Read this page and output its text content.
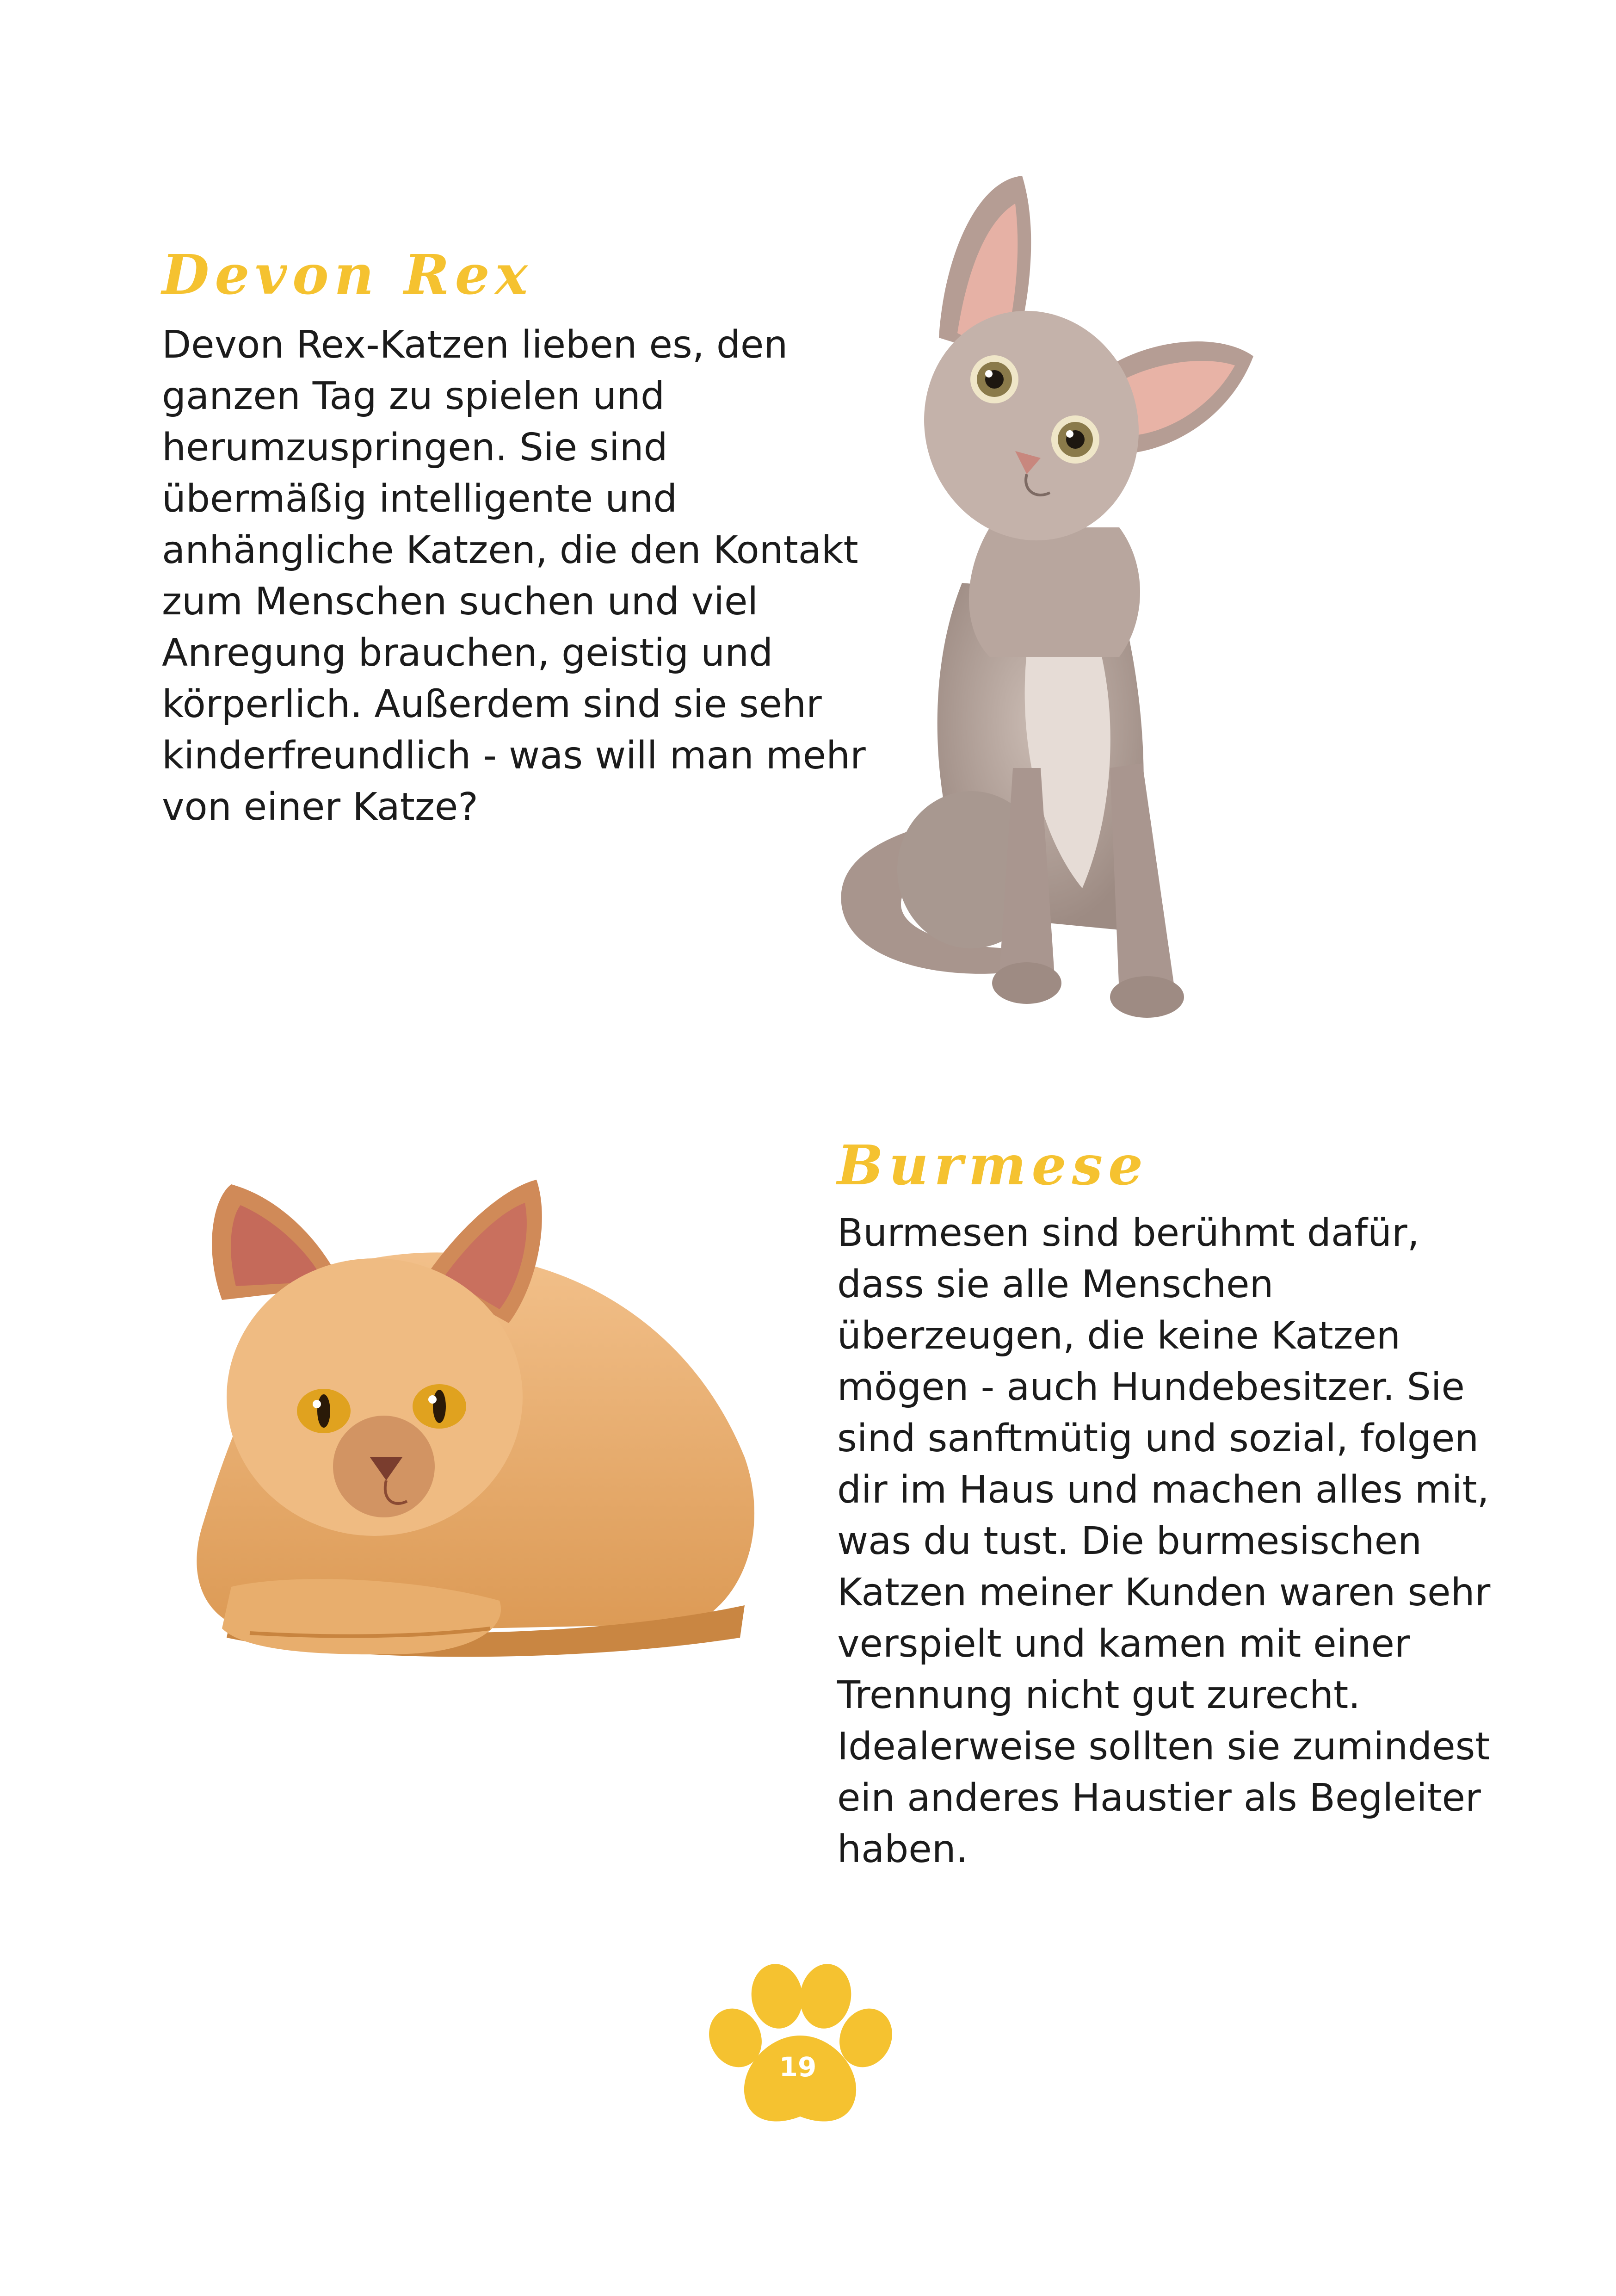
Devon Rex

Devon Rex-Katzen lieben es, den
ganzen Tag zu spielen und
herumzuspringen. Sie sind
übermäßig intelligente und
anhängliche Katzen, die den Kontakt
zum Menschen suchen und viel
Anregung brauchen, geistig und
körperlich. Außerdem sind sie sehr
kinderfreundlich - was will man mehr
von einer Katze?

Burmese

Burmesen sind berühmt dafür,
dass sie alle Menschen
überzeugen, die keine Katzen
mögen - auch Hundebesitzer. Sie
sind sanftmütig und sozial, folgen
dir im Haus und machen alles mit,
was du tust. Die burmesischen
Katzen meiner Kunden waren sehr
verspielt und kamen mit einer
Trennung nicht gut zurecht.
Idealerweise sollten sie zumindest
ein anderes Haustier als Begleiter
haben.

19
